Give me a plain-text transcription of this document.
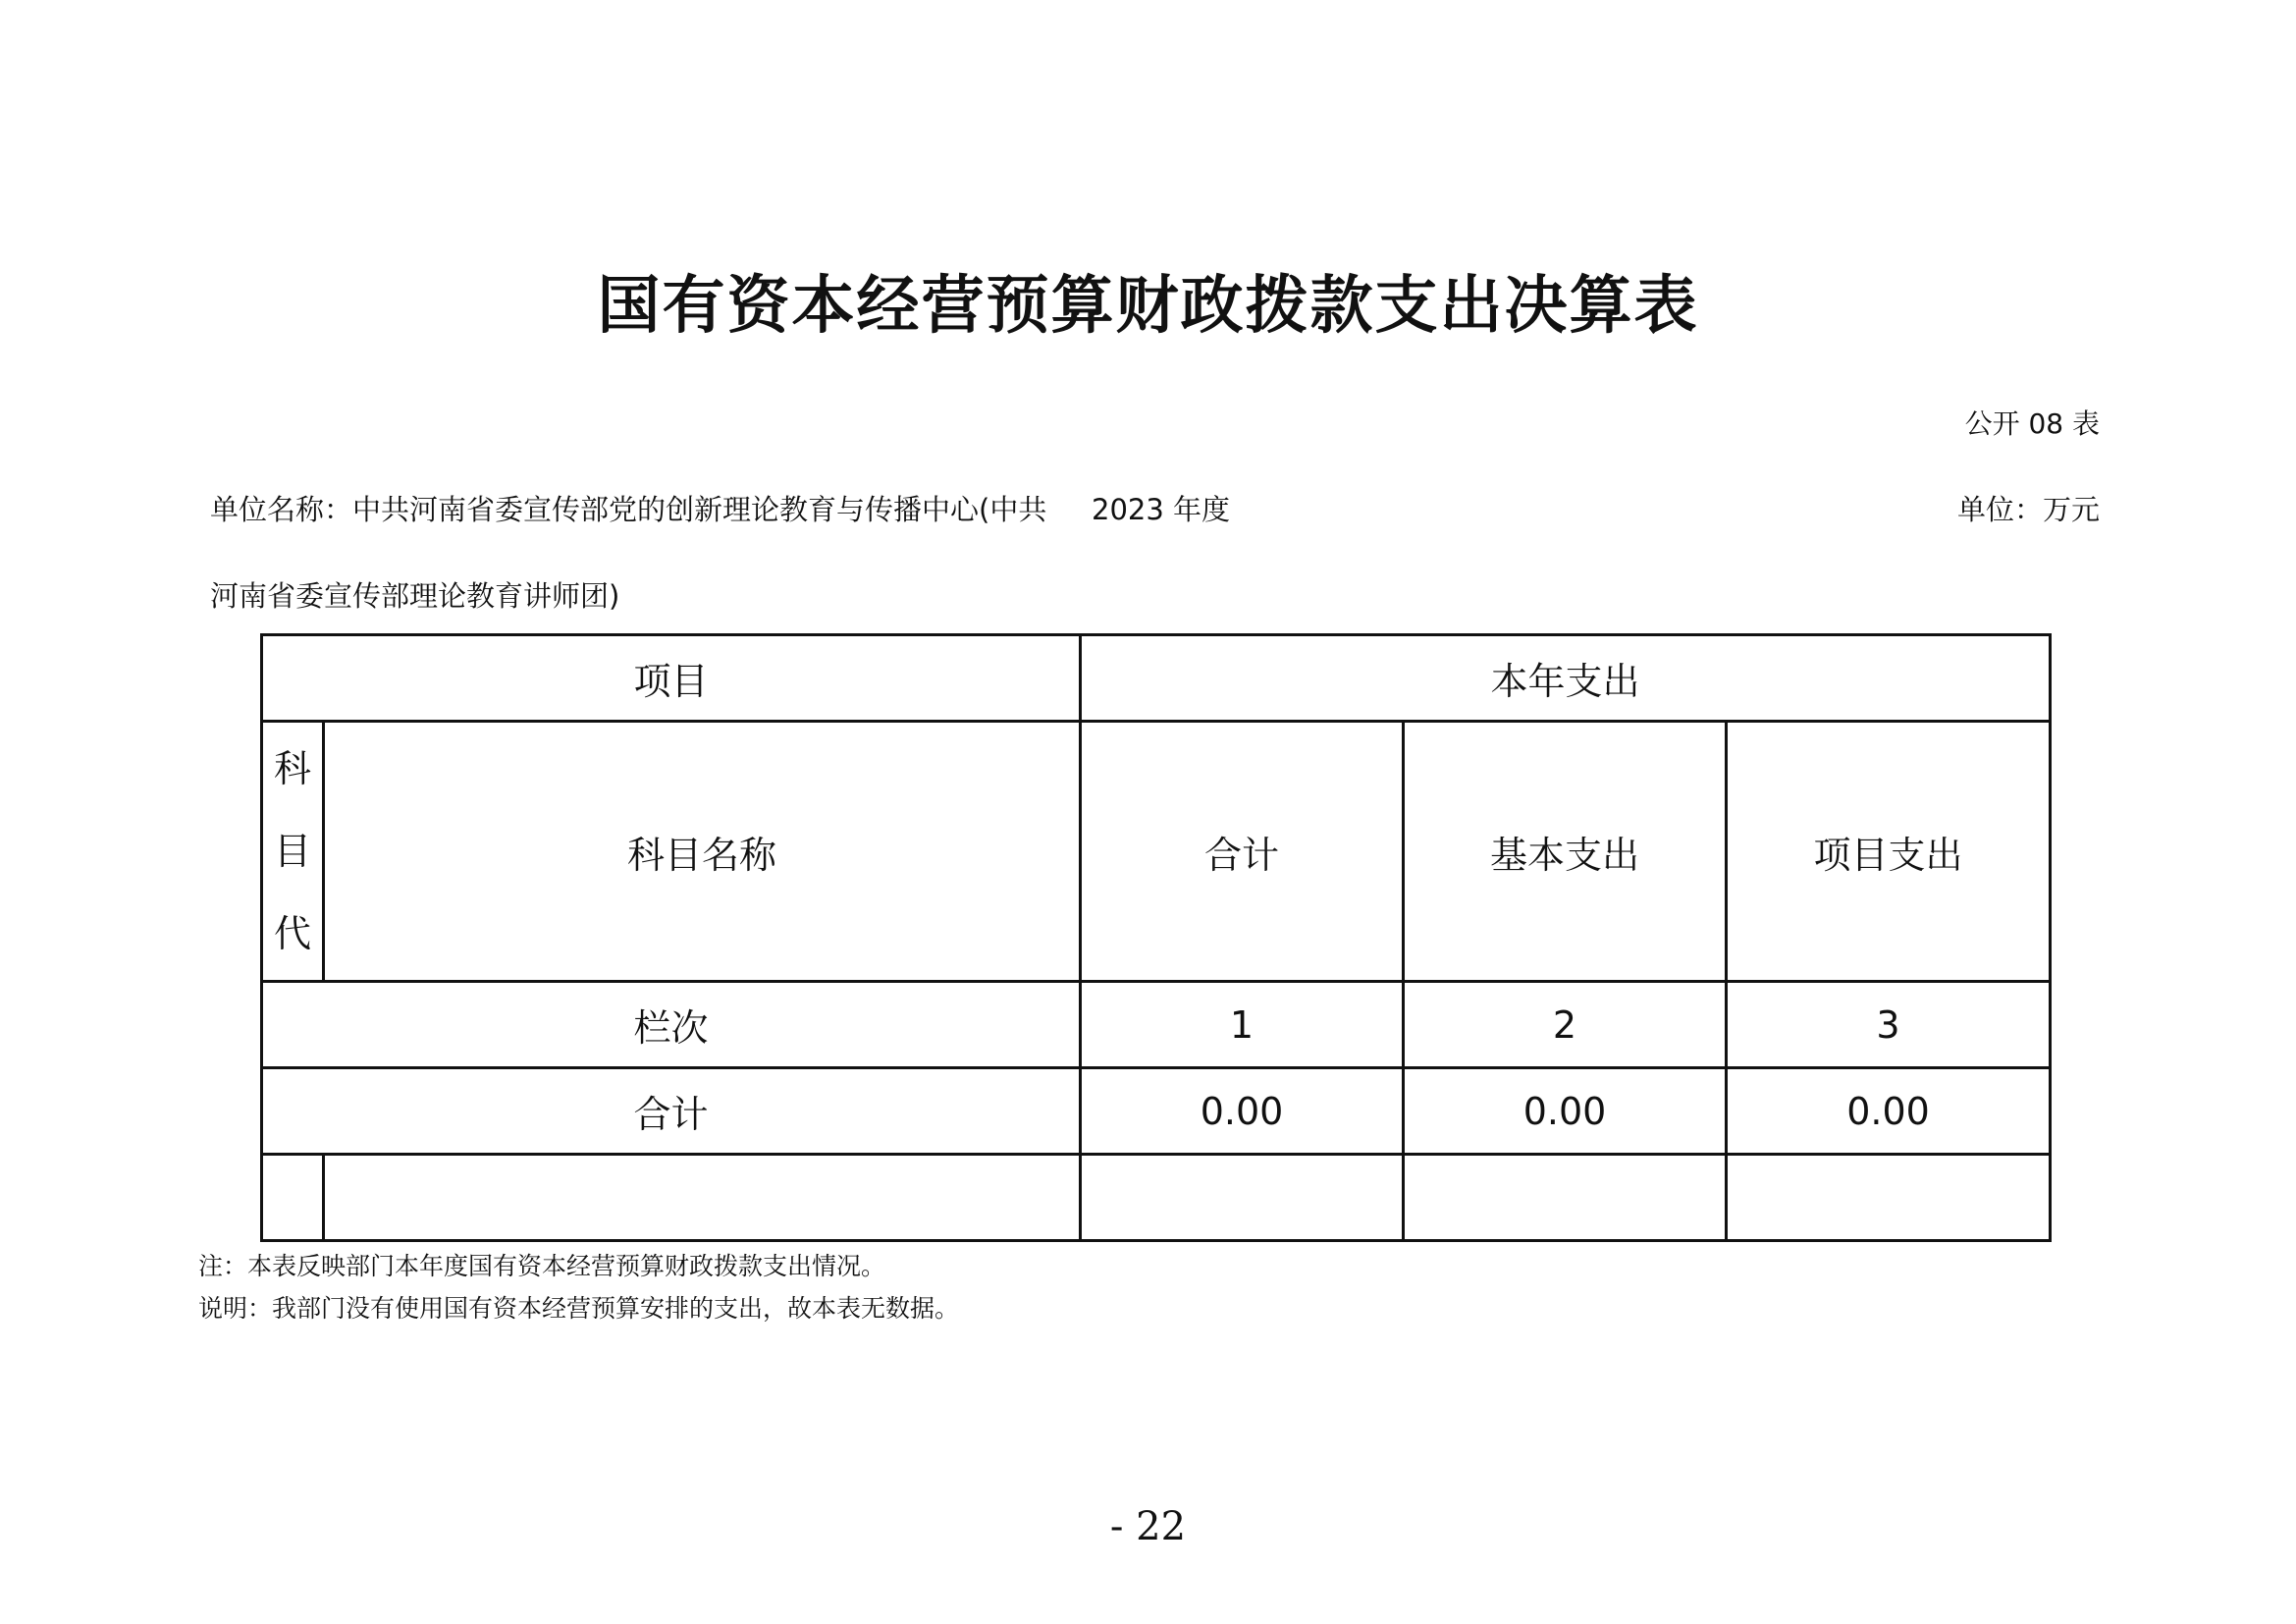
国有资本经营预算财政拨款支出决算表
公开 08 表
单位名称：中共河南省委宣传部党的创新理论教育与传播中心(中共 2023 年度	单位：万元
河南省委宣传部理论教育讲师团)
项目		本年支出		

科
目
代	科目名称	合计	基本支出	项目支出
栏次		1	2	3
合计		0.00	0.00	0.00

注：本表反映部门本年度国有资本经营预算财政拨款支出情况。
说明：我部门没有使用国有资本经营预算安排的支出，故本表无数据。
- 22
